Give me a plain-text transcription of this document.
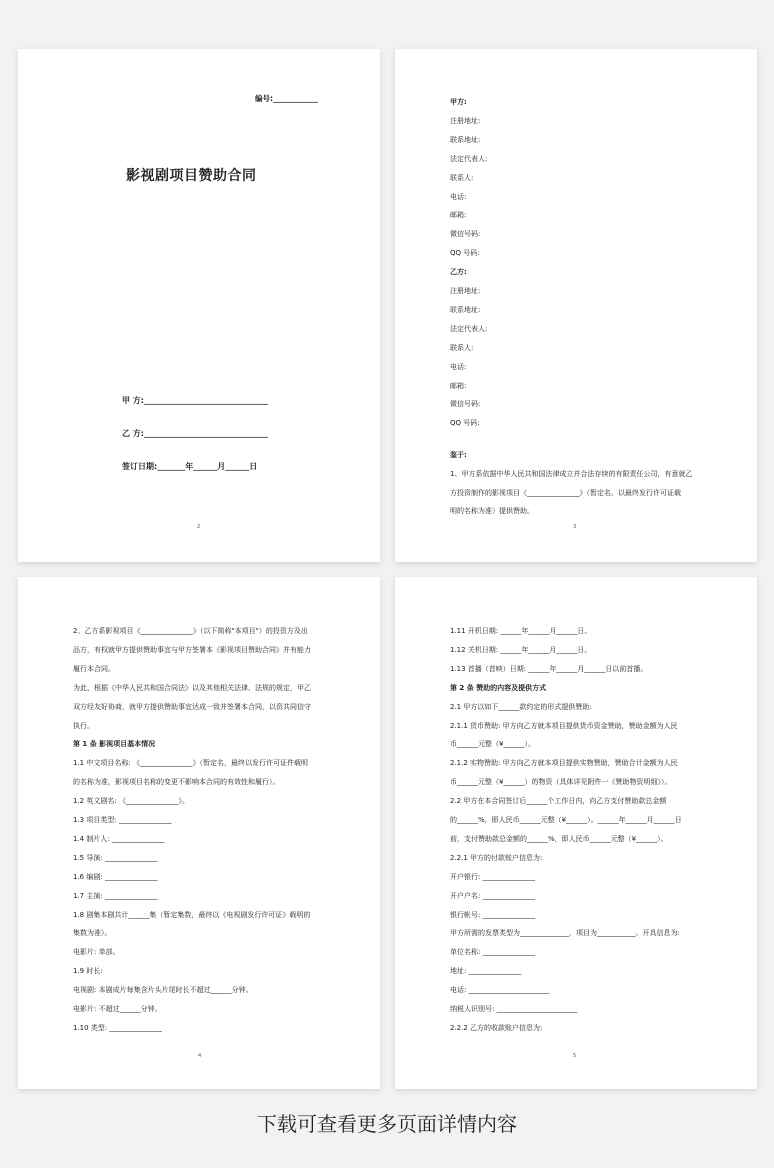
编号:____________
影视剧项目赞助合同
甲 方:_______________________________
乙 方:_______________________________
签订日期:_______年______月______日
2
甲方:
注册地址:
联系地址:
法定代表人:
联系人:
电话:
邮箱:
微信号码:
QQ 号码:
乙方:
注册地址:
联系地址:
法定代表人:
联系人:
电话:
邮箱:
微信号码:
QQ 号码:
鉴于:
1、甲方系依据中华人民共和国法律成立并合法存续的有限责任公司，有意就乙
方投资制作的影视项目《_______________》（暂定名，以最终发行许可证载
明的名称为准）提供赞助。
3
2、乙方系影视项目《_______________》（以下简称"本项目"）的投资方及出
品方，有权就甲方提供赞助事宜与甲方签署本《影视项目赞助合同》并有能力
履行本合同。
为此，根据《中华人民共和国合同法》以及其他相关法律、法规的规定，甲乙
双方经友好协商，就甲方提供赞助事宜达成一致并签署本合同，以资共同信守
执行。
第 1 条 影视项目基本情况
1.1 中文项目名称: 《_______________》（暂定名，最终以发行许可证件载明
的名称为准，影视项目名称的变更不影响本合同的有效性和履行）。
1.2 英文剧名: 《_______________》。
1.3 项目类型: _______________
1.4 制片人: _______________
1.5 导演: _______________
1.6 编剧: _______________
1.7 主演: _______________
1.8 剧集本剧共计______集（暂定集数，最终以《电视剧发行许可证》载明的
集数为准）。
电影片: 单部。
1.9 时长:
电视剧: 本剧成片每集含片头片尾时长不超过______分钟。
电影片: 不超过______分钟。
1.10 类型: _______________
4
1.11 开机日期: ______年______月______日。
1.12 关机日期: ______年______月______日。
1.13 首播（首映）日期: ______年______月______日以前首播。
第 2 条 赞助的内容及提供方式
2.1 甲方以如下______款约定的形式提供赞助:
2.1.1 货币赞助: 甲方向乙方就本项目提供货币资金赞助，赞助金额为人民
币______元整（¥______）。
2.1.2 实物赞助: 甲方向乙方就本项目提供实物赞助，赞助合计金额为人民
币______元整（¥______）的物资（具体详见附件一《赞助物资明细》）。
2.2 甲方在本合同签订后______个工作日内，向乙方支付赞助款总金额
的______%，即人民币______元整（¥______）。______年______月______日
前，支付赞助款总金额的______%，即人民币______元整（¥______）。
2.2.1 甲方的付款账户信息为:
开户银行: _______________
开户户名: _______________
银行帐号: _______________
甲方所需的发票类型为______________，项目为___________。开具信息为:
单位名称: _______________
地址: _______________
电话: _______________________
纳税人识别号: _______________________
2.2.2 乙方的收款账户信息为:
5
下载可查看更多页面详情内容
